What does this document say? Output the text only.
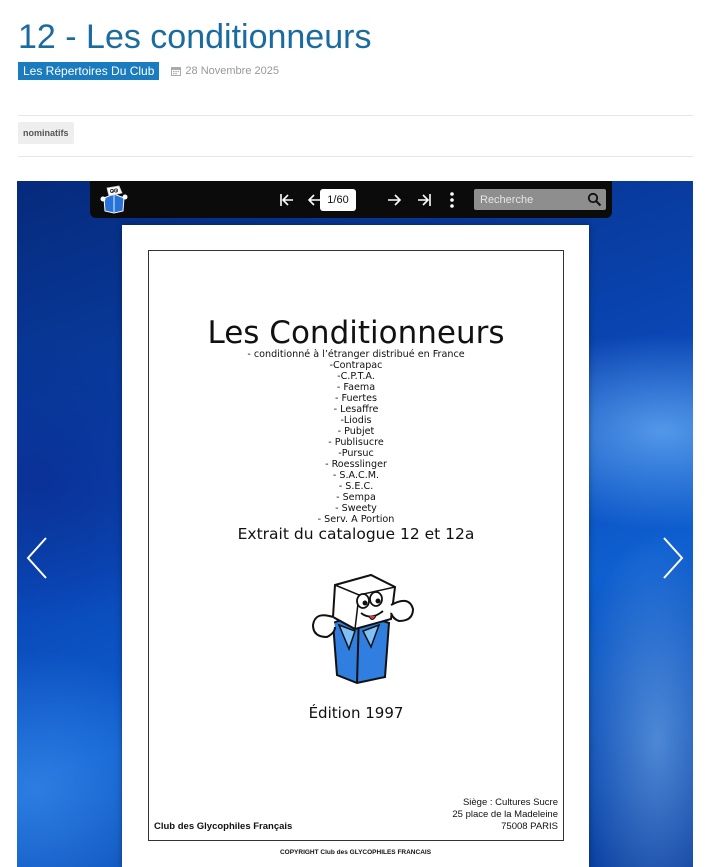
12 - Les conditionneurs
Les Répertoires Du Club	28 Novembre 2025
nominatifs
1/60
Recherche
Les Conditionneurs
- conditionné à l’étranger distribué en France
-Contrapac
-C.P.T.A.
- Faema
- Fuertes
- Lesaffre
-Liodis
- Pubjet
- Publisucre
-Pursuc
- Roesslinger
- S.A.C.M.
- S.E.C.
- Sempa
- Sweety
- Serv. A Portion
Extrait du catalogue 12 et 12a
Édition 1997
Siège : Cultures Sucre
25 place de la Madeleine
75008 PARIS
Club des Glycophiles Français
COPYRIGHT Club des GLYCOPHILES FRANCAIS
